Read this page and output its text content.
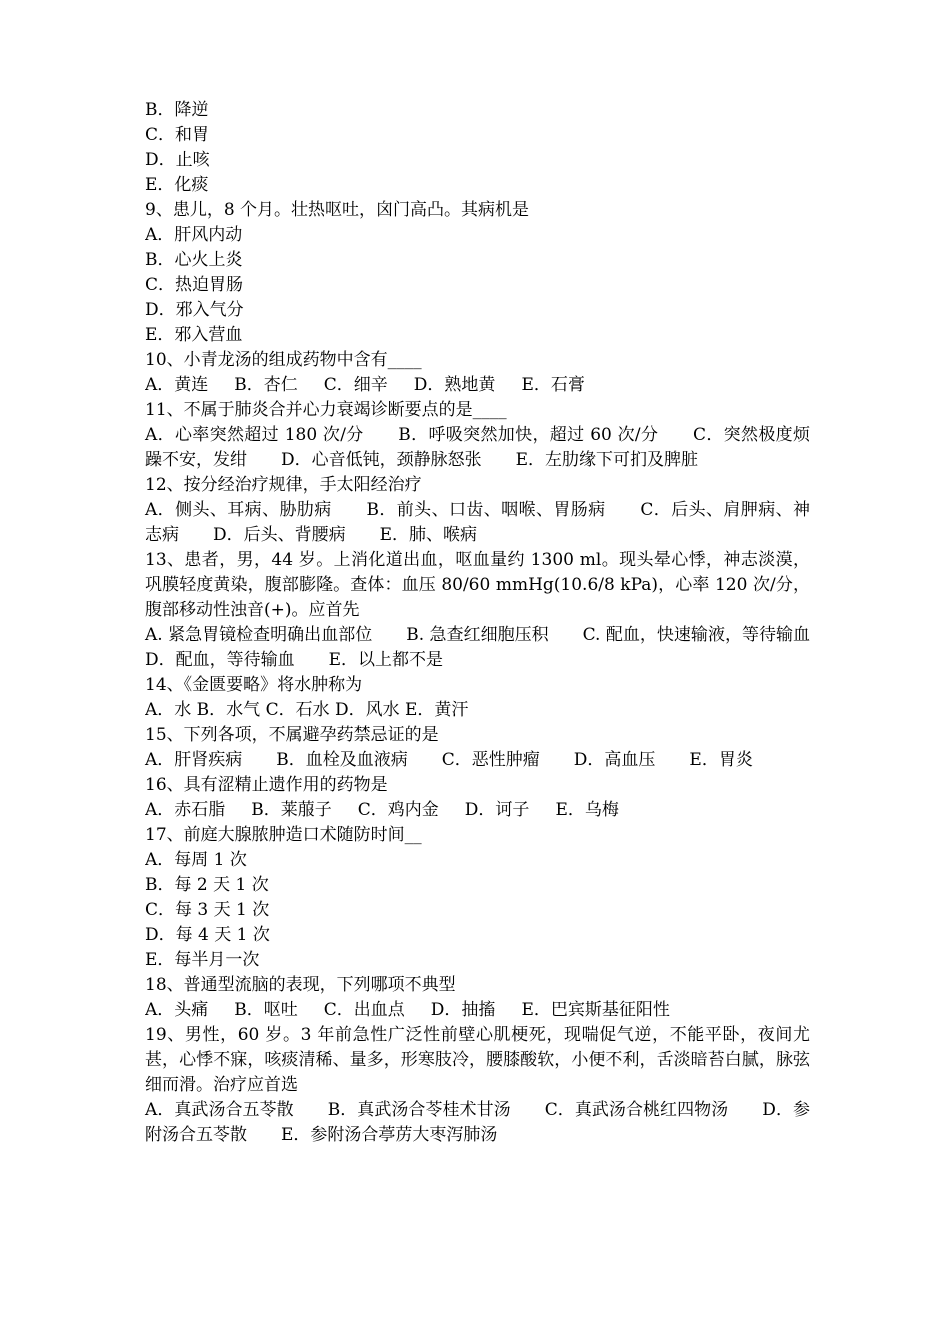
B．降逆
C．和胃
D．止咳
E．化痰
9、患儿，8 个月。壮热呕吐，囟门高凸。其病机是
A．肝风内动
B．心火上炎
C．热迫胃肠
D．邪入气分
E．邪入营血
10、小青龙汤的组成药物中含有____
A．黄连 B．杏仁 C．细辛 D．熟地黄 E．石膏
11、不属于肺炎合并心力衰竭诊断要点的是____
A．心率突然超过 180 次/分　　B．呼吸突然加快，超过 60 次/分　　C．突然极度烦躁不安，发绀　　D．心音低钝，颈静脉怒张　　E．左肋缘下可扪及脾脏
12、按分经治疗规律，手太阳经治疗
A．侧头、耳病、胁肋病　　B．前头、口齿、咽喉、胃肠病　　C．后头、肩胛病、神志病　　D．后头、背腰病　　E．肺、喉病
13、患者，男，44 岁。上消化道出血，呕血量约 1300 ml。现头晕心悸，神志淡漠，巩膜轻度黄染，腹部膨隆。查体：血压 80/60 mmHg(10.6/8 kPa)，心率 120 次/分，腹部移动性浊音(+)。应首先
A. 紧急胃镜检查明确出血部位　　B. 急查红细胞压积　　C. 配血，快速输液，等待输血　　D．配血，等待输血　　E．以上都不是
14、《金匮要略》将水肿称为
A．水 B．水气 C．石水 D．风水 E．黄汗
15、下列各项，不属避孕药禁忌证的是
A．肝肾疾病　　B．血栓及血液病　　C．恶性肿瘤　　D．高血压　　E．胃炎
16、具有涩精止遗作用的药物是
A．赤石脂 B．莱菔子 C．鸡内金 D．诃子 E．乌梅
17、前庭大腺脓肿造口术随防时间__
A．每周 1 次
B．每 2 天 1 次
C．每 3 天 1 次
D．每 4 天 1 次
E．每半月一次
18、普通型流脑的表现，下列哪项不典型
A．头痛 B．呕吐 C．出血点 D．抽搐 E．巴宾斯基征阳性
19、男性，60 岁。3 年前急性广泛性前壁心肌梗死，现喘促气逆，不能平卧，夜间尤甚，心悸不寐，咳痰清稀、量多，形寒肢冷，腰膝酸软，小便不利，舌淡暗苔白腻，脉弦细而滑。治疗应首选
A．真武汤合五苓散　　B．真武汤合苓桂术甘汤　　C．真武汤合桃红四物汤　　D．参附汤合五苓散　　E．参附汤合葶苈大枣泻肺汤
